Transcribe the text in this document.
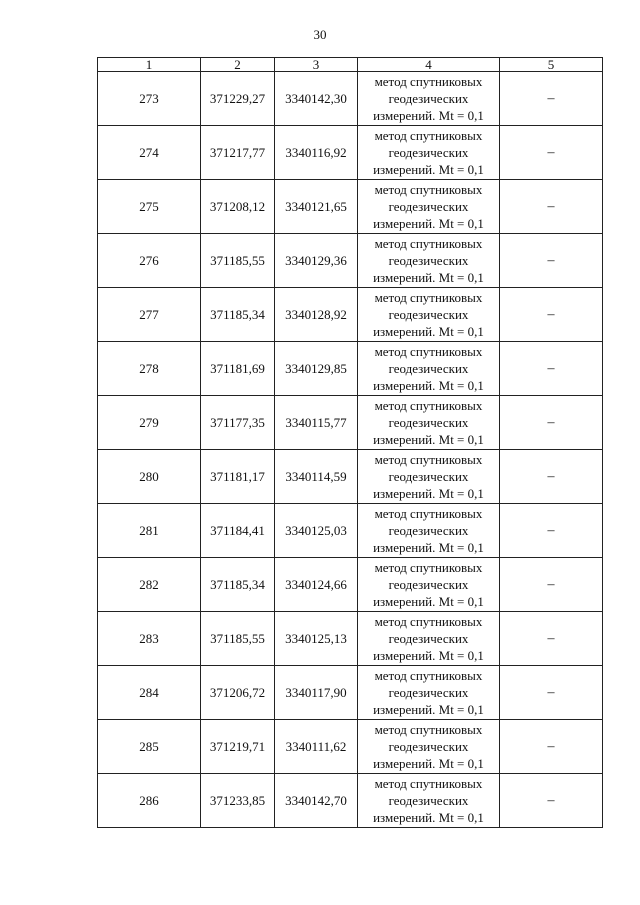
30
1	2	3	4	5
273	371229,27	3340142,30	метод спутниковых
геодезических
измерений. Mt = 0,1	–
274	371217,77	3340116,92	метод спутниковых
геодезических
измерений. Mt = 0,1	–
275	371208,12	3340121,65	метод спутниковых
геодезических
измерений. Mt = 0,1	–
276	371185,55	3340129,36	метод спутниковых
геодезических
измерений. Mt = 0,1	–
277	371185,34	3340128,92	метод спутниковых
геодезических
измерений. Mt = 0,1	–
278	371181,69	3340129,85	метод спутниковых
геодезических
измерений. Mt = 0,1	–
279	371177,35	3340115,77	метод спутниковых
геодезических
измерений. Mt = 0,1	–
280	371181,17	3340114,59	метод спутниковых
геодезических
измерений. Mt = 0,1	–
281	371184,41	3340125,03	метод спутниковых
геодезических
измерений. Mt = 0,1	–
282	371185,34	3340124,66	метод спутниковых
геодезических
измерений. Mt = 0,1	–
283	371185,55	3340125,13	метод спутниковых
геодезических
измерений. Mt = 0,1	–
284	371206,72	3340117,90	метод спутниковых
геодезических
измерений. Mt = 0,1	–
285	371219,71	3340111,62	метод спутниковых
геодезических
измерений. Mt = 0,1	–
286	371233,85	3340142,70	метод спутниковых
геодезических
измерений. Mt = 0,1	–
